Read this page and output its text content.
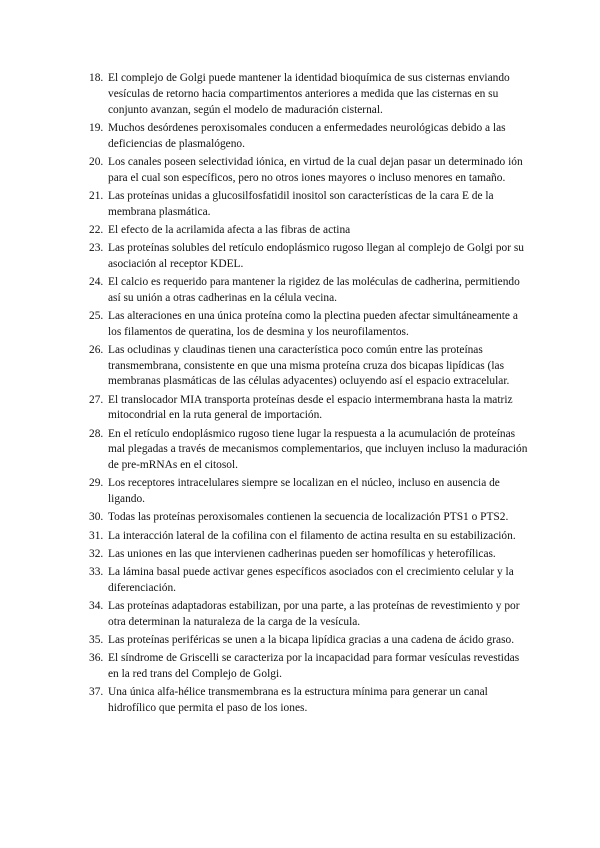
18. El complejo de Golgi puede mantener la identidad bioquímica de sus cisternas enviando vesículas de retorno hacia compartimentos anteriores a medida que las cisternas en su conjunto avanzan, según el modelo de maduración cisternal.
19. Muchos desórdenes peroxisomales conducen a enfermedades neurológicas debido a las deficiencias de plasmalógeno.
20. Los canales poseen selectividad iónica, en virtud de la cual dejan pasar un determinado ión para el cual son específicos, pero no otros iones mayores o incluso menores en tamaño.
21. Las proteínas unidas a glucosilfosfatidil inositol son características de la cara E de la membrana plasmática.
22. El efecto de la acrilamida afecta a las fibras de actina
23. Las proteínas solubles del retículo endoplásmico rugoso llegan al complejo de Golgi por su asociación al receptor KDEL.
24. El calcio es requerido para mantener la rigidez de las moléculas de cadherina, permitiendo así su unión a otras cadherinas en la célula vecina.
25. Las alteraciones en una única proteína como la plectina pueden afectar simultáneamente a los filamentos de queratina, los de desmina y los neurofilamentos.
26. Las ocludinas y claudinas tienen una característica poco común entre las proteínas transmembrana, consistente en que una misma proteína cruza dos bicapas lipídicas (las membranas plasmáticas de las células adyacentes) ocluyendo así el espacio extracelular.
27. El translocador MIA transporta proteínas desde el espacio intermembrana hasta la matriz mitocondrial en la ruta general de importación.
28. En el retículo endoplásmico rugoso tiene lugar la respuesta a la acumulación de proteínas mal plegadas a través de mecanismos complementarios, que incluyen incluso la maduración de pre-mRNAs en el citosol.
29. Los receptores intracelulares siempre se localizan en el núcleo, incluso en ausencia de ligando.
30. Todas las proteínas peroxisomales contienen la secuencia de localización PTS1 o PTS2.
31. La interacción lateral de la cofilina con el filamento de actina resulta en su estabilización.
32. Las uniones en las que intervienen cadherinas pueden ser homofílicas y heterofílicas.
33. La lámina basal puede activar genes específicos asociados con el crecimiento celular y la diferenciación.
34. Las proteínas adaptadoras estabilizan, por una parte, a las proteínas de revestimiento y por otra determinan la naturaleza de la carga de la vesícula.
35. Las proteínas periféricas se unen a la bicapa lipídica gracias a una cadena de ácido graso.
36. El síndrome de Griscelli se caracteriza por la incapacidad para formar vesículas revestidas en la red trans del Complejo de Golgi.
37. Una única alfa-hélice transmembrana es la estructura mínima para generar un canal hidrofílico que permita el paso de los iones.
